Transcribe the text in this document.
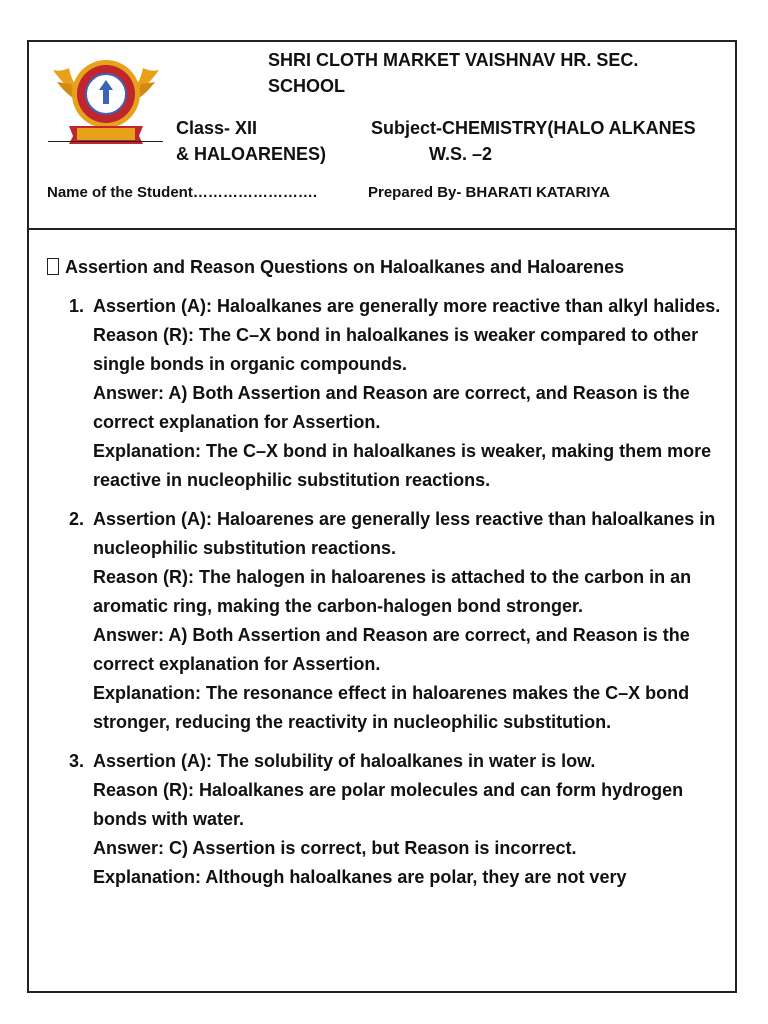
SHRI CLOTH MARKET VAISHNAV HR. SEC.
SCHOOL
Class- XII	Subject-CHEMISTRY(HALO ALKANES
& HALOARENES)	W.S. –2
Name of the Student…………………….	Prepared By- BHARATI KATARIYA
Assertion and Reason Questions on Haloalkanes and Haloarenes
1. Assertion (A): Haloalkanes are generally more reactive than alkyl halides.
Reason (R): The C–X bond in haloalkanes is weaker compared to other single bonds in organic compounds.
Answer: A) Both Assertion and Reason are correct, and Reason is the correct explanation for Assertion.
Explanation: The C–X bond in haloalkanes is weaker, making them more reactive in nucleophilic substitution reactions.
2. Assertion (A): Haloarenes are generally less reactive than haloalkanes in nucleophilic substitution reactions.
Reason (R): The halogen in haloarenes is attached to the carbon in an aromatic ring, making the carbon-halogen bond stronger.
Answer: A) Both Assertion and Reason are correct, and Reason is the correct explanation for Assertion.
Explanation: The resonance effect in haloarenes makes the C–X bond stronger, reducing the reactivity in nucleophilic substitution.
3. Assertion (A): The solubility of haloalkanes in water is low.
Reason (R): Haloalkanes are polar molecules and can form hydrogen bonds with water.
Answer: C) Assertion is correct, but Reason is incorrect.
Explanation: Although haloalkanes are polar, they are not very
